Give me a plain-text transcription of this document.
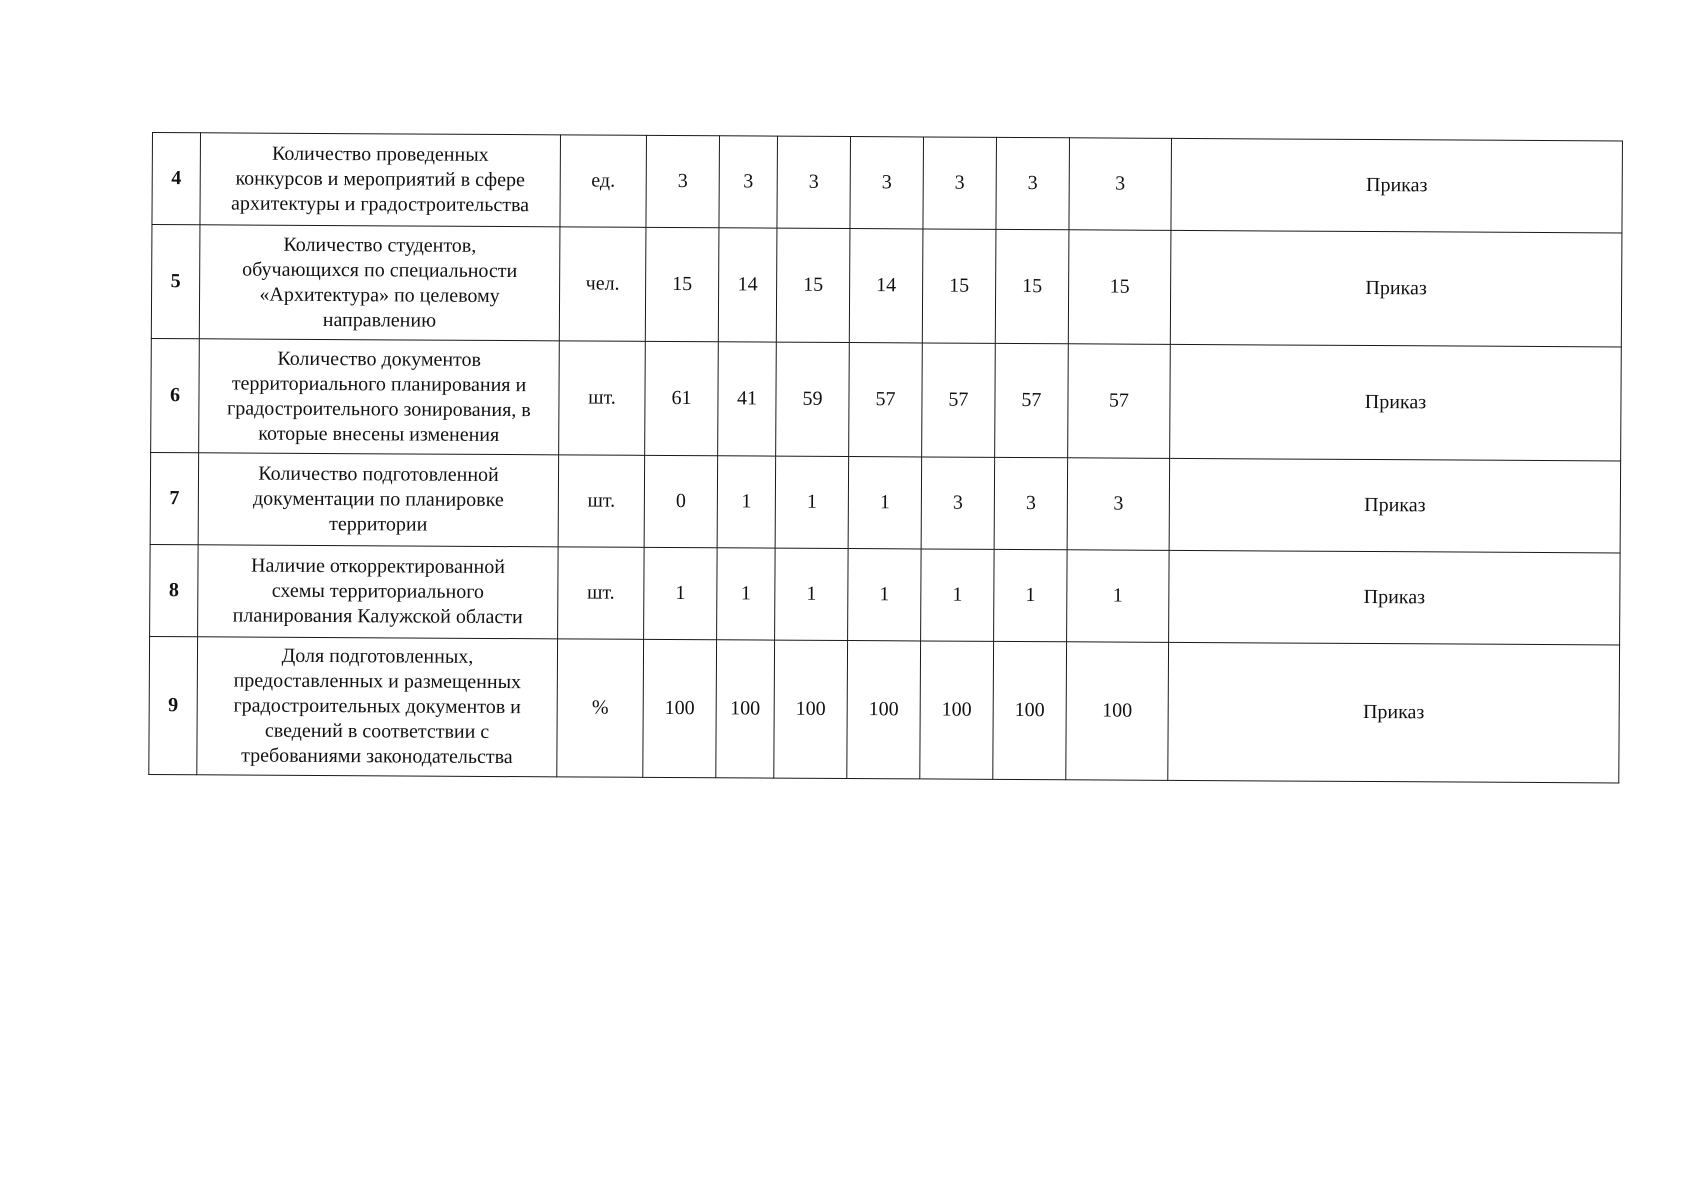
4	Количество проведенных
конкурсов и мероприятий в сфере
архитектуры и градостроительства	ед.	3	3	3	3	3	3	3	Приказ
5	Количество студентов,
обучающихся по специальности
«Архитектура» по целевому
направлению	чел.	15	14	15	14	15	15	15	Приказ
6	Количество документов
территориального планирования и
градостроительного зонирования, в
которые внесены изменения	шт.	61	41	59	57	57	57	57	Приказ
7	Количество подготовленной
документации по планировке
территории	шт.	0	1	1	1	3	3	3	Приказ
8	Наличие откорректированной
схемы территориального
планирования Калужской области	шт.	1	1	1	1	1	1	1	Приказ
9	Доля подготовленных,
предоставленных и размещенных
градостроительных документов и
сведений в соответствии с
требованиями законодательства	%	100	100	100	100	100	100	100	Приказ
